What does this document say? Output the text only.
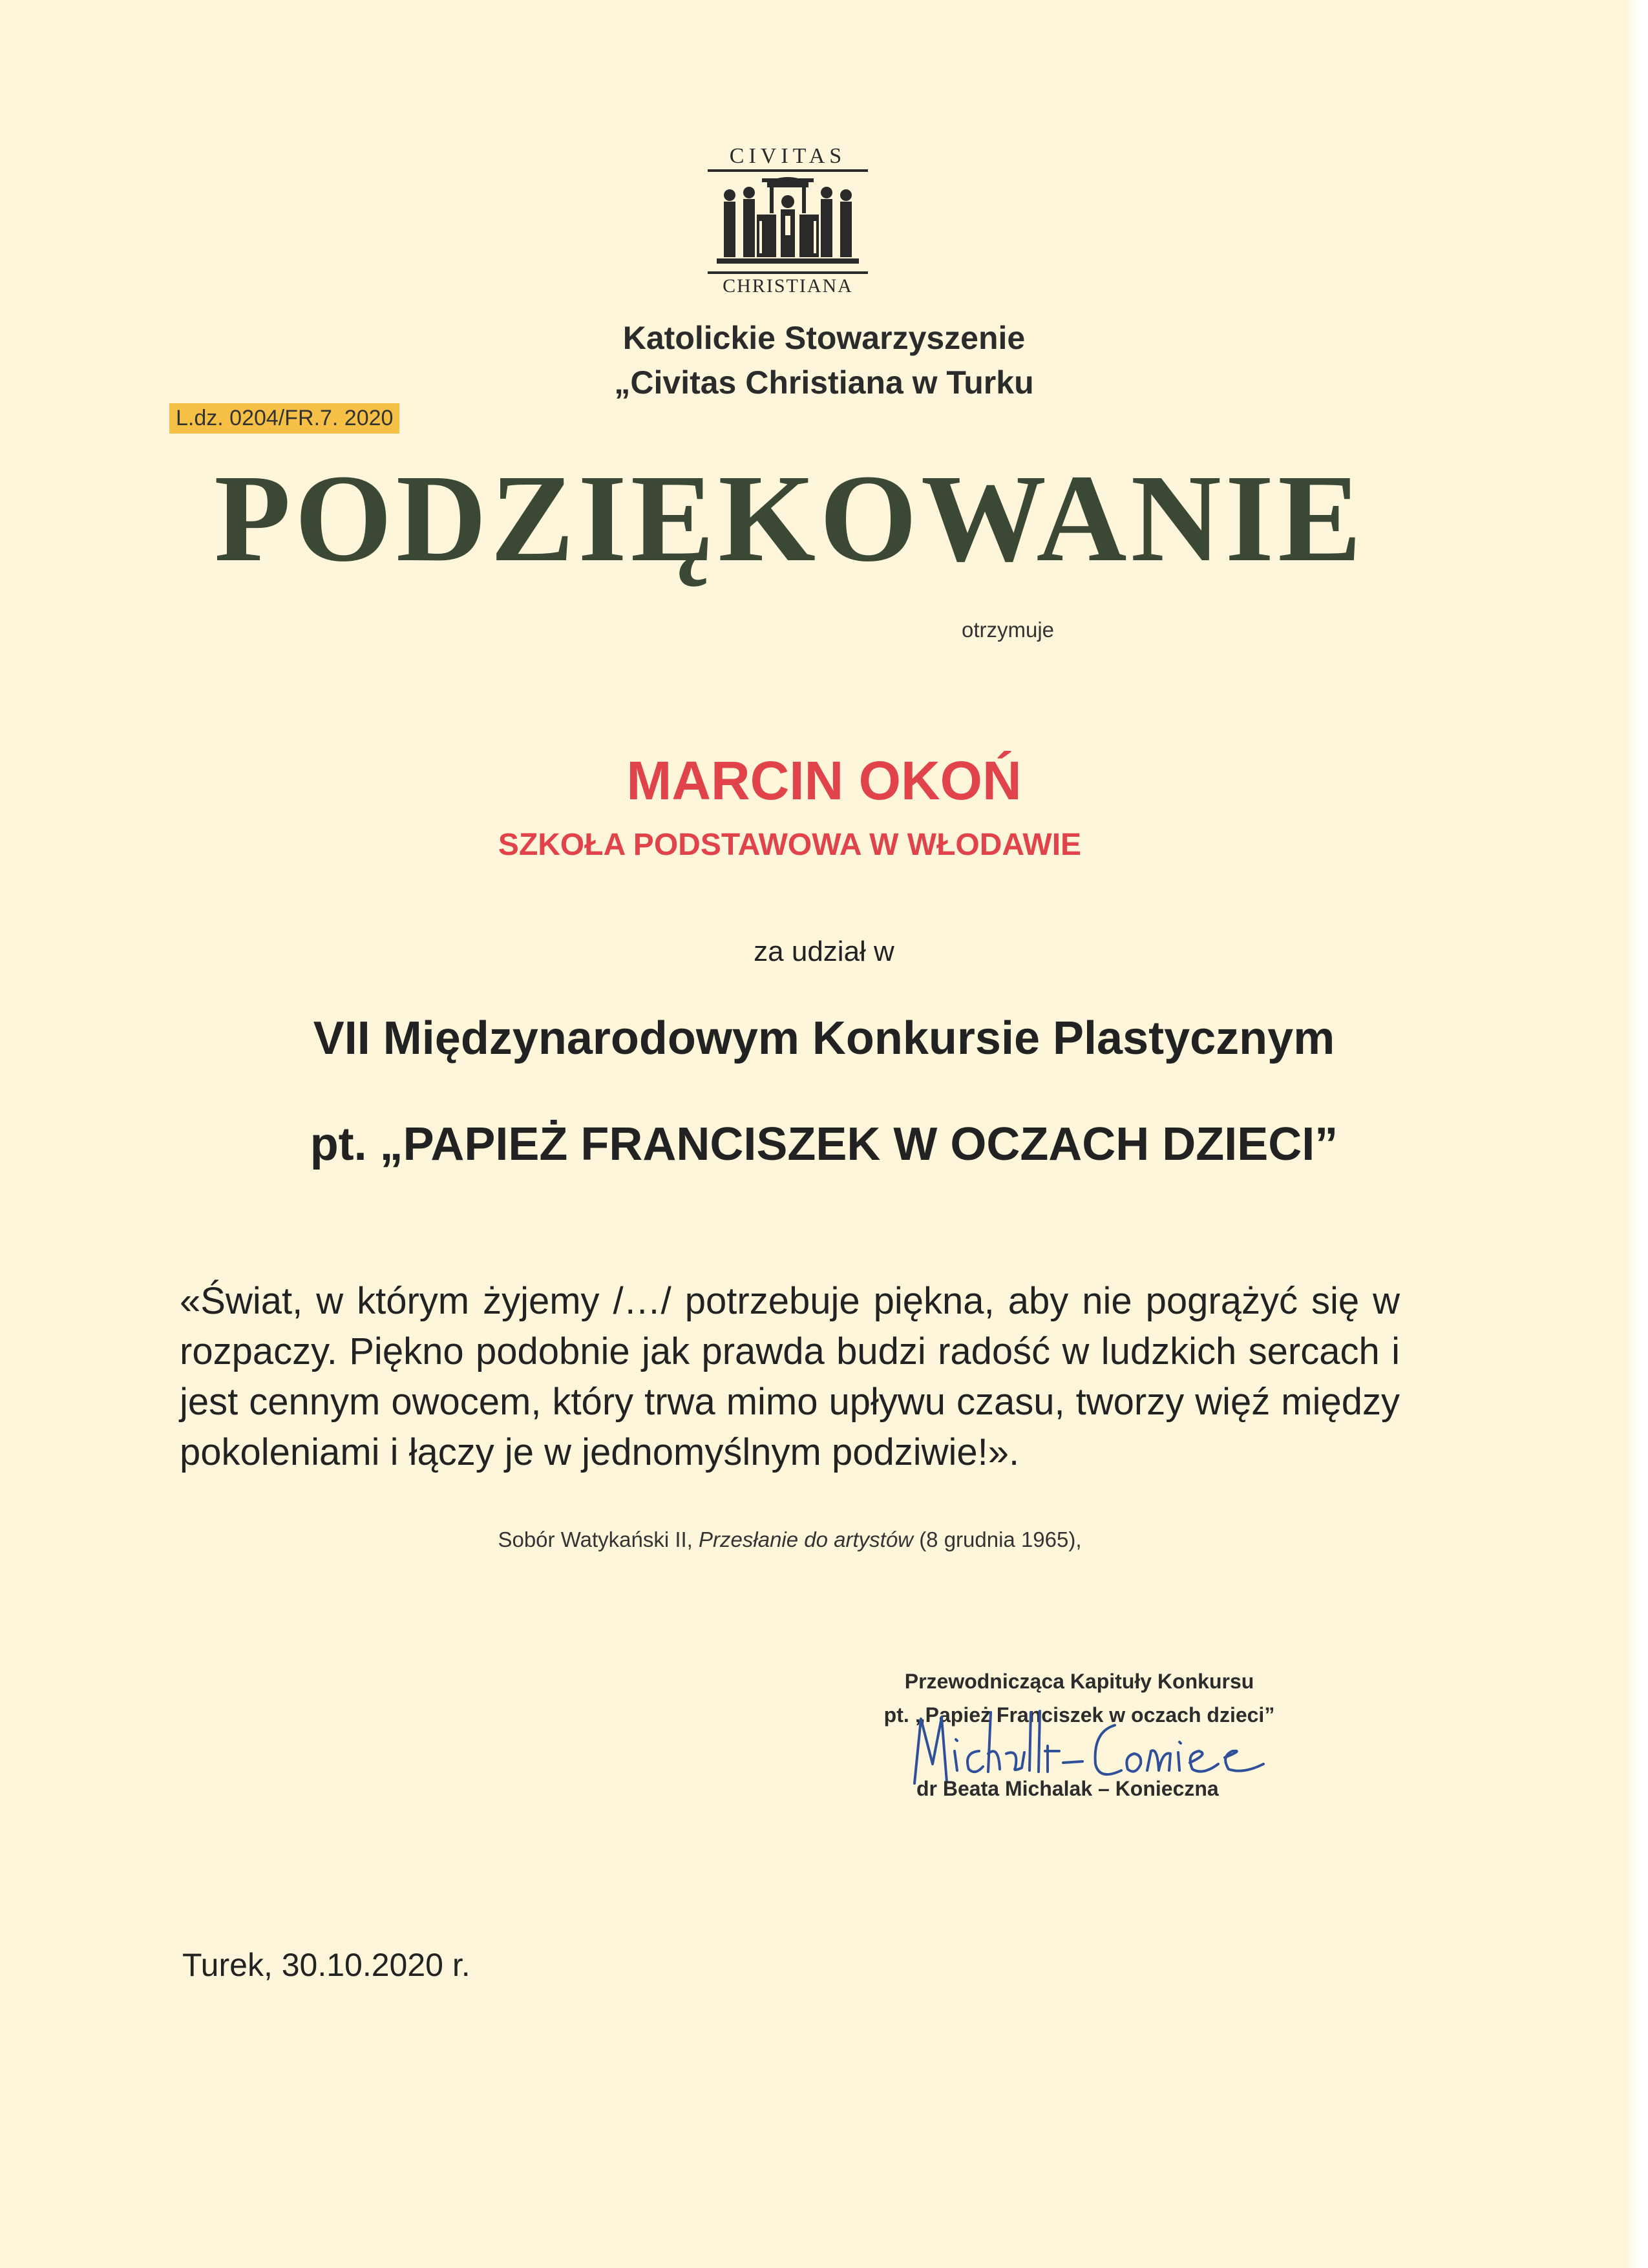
CIVITAS
CHRISTIANA
Katolickie Stowarzyszenie
„Civitas Christiana w Turku
L.dz. 0204/FR.7. 2020
PODZIĘKOWANIE
otrzymuje
MARCIN OKOŃ
SZKOŁA PODSTAWOWA W WŁODAWIE
za udział w
VII Międzynarodowym Konkursie Plastycznym
pt. „PAPIEŻ FRANCISZEK W OCZACH DZIECI”
«Świat, w którym żyjemy /…/ potrzebuje piękna, aby nie pogrążyć się w rozpaczy. Piękno podobnie jak prawda budzi radość w ludzkich sercach i jest cennym owocem, który trwa mimo upływu czasu, tworzy więź między pokoleniami i łączy je w jednomyślnym podziwie!».
Sobór Watykański II, Przesłanie do artystów (8 grudnia 1965),
Przewodnicząca Kapituły Konkursu
pt. „Papież Franciszek w oczach dzieci”
dr Beata Michalak – Konieczna
Turek, 30.10.2020 r.
